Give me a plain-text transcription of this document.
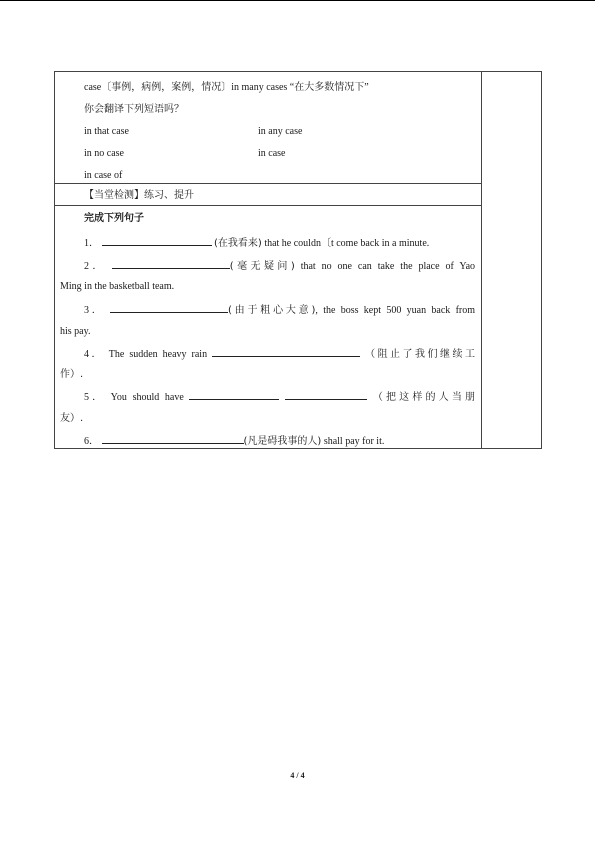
case〔事例，病例，案例，情况〕in many cases “在大多数情况下”
你会翻译下列短语吗？
in that case	in any case
in no case	in case
in case of
【当堂检测】练习、提升
完成下列句子
1．	(在我看来) that he couldn〔t come back in a minute.
2．	(毫无疑问) that no one can take the place of Yao
Ming in the basketball team.
3．	(由于粗心大意), the boss kept 500 yuan back from
his pay.
4． The sudden heavy rain	（阻止了我们继续工
作）.
5． You should have	（把这样的人当朋
友）.
6．	(凡是碍我事的人) shall pay for it.
4 / 4
